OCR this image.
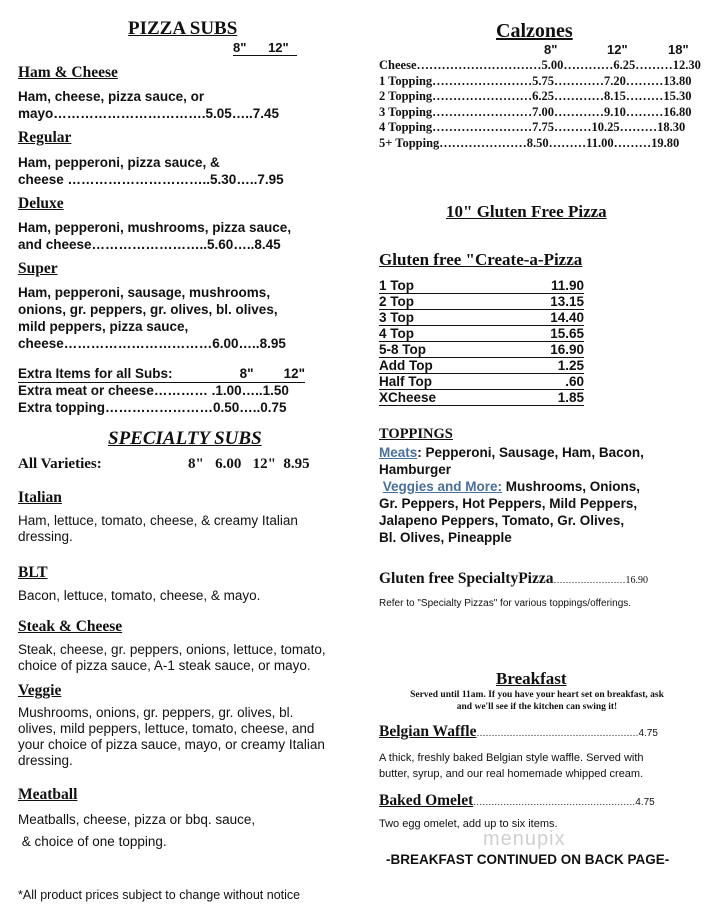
PIZZA SUBS
8"      12"
Ham & Cheese
Ham, cheese, pizza sauce, or
mayo…………………………….5.05…..7.45
Regular
Ham, pepperoni, pizza sauce, &
cheese …………………………..5.30…..7.95
Deluxe
Ham, pepperoni, mushrooms, pizza sauce,
and cheese……………………..5.60…..8.45
Super
Ham, pepperoni, sausage, mushrooms,
onions, gr. peppers, gr. olives, bl. olives,
mild peppers, pizza sauce,
cheese……………………………6.00…..8.95
Extra Items for all Subs:	8"        12"
Extra meat or cheese………… .1.00…..1.50
Extra topping……………………0.50…..0.75
SPECIALTY SUBS
All Varieties:	8"   6.00   12"  8.95
Italian
Ham, lettuce, tomato, cheese, & creamy Italian
dressing.
BLT
Bacon, lettuce, tomato, cheese, & mayo.
Steak & Cheese
Steak, cheese, gr. peppers, onions, lettuce, tomato,
choice of pizza sauce, A-1 steak sauce, or mayo.
Veggie
Mushrooms, onions, gr. peppers, gr. olives, bl.
olives, mild peppers, lettuce, tomato, cheese, and
your choice of pizza sauce, mayo, or creamy Italian
dressing.
Meatball
Meatballs, cheese, pizza or bbq. sauce,
& choice of one topping.
*All product prices subject to change without notice
Calzones
8"	12"	18"
Cheese…………………………5.00…………6.25………12.30
1 Topping……………………5.75…………7.20………13.80
2 Topping……………………6.25…………8.15………15.30
3 Topping……………………7.00…………9.10………16.80
4 Topping……………………7.75………10.25………18.30
5+ Topping…………………8.50………11.00………19.80
10" Gluten Free Pizza
Gluten free "Create-a-Pizza
1 Top	11.90
2 Top	13.15
3 Top	14.40
4 Top	15.65
5-8 Top	16.90
Add Top	1.25
Half Top	.60
XCheese	1.85
TOPPINGS
Meats: Pepperoni, Sausage, Ham, Bacon,
Hamburger
Veggies and More: Mushrooms, Onions,
Gr. Peppers, Hot Peppers, Mild Peppers,
Jalapeno Peppers, Tomato, Gr. Olives,
Bl. Olives, Pineapple
Gluten free SpecialtyPizza……………………16.90
Refer to "Specialty Pizzas" for various toppings/offerings.
Breakfast
Served until 11am. If you have your heart set on breakfast, ask
and we'll see if the kitchen can swing it!
Belgian Waffle………………………………………………4.75
A thick, freshly baked Belgian style waffle. Served with
butter, syrup, and our real homemade whipped cream.
Baked Omelet………………………………………………4.75
Two egg omelet, add up to six items.
menupix
-BREAKFAST CONTINUED ON BACK PAGE-
